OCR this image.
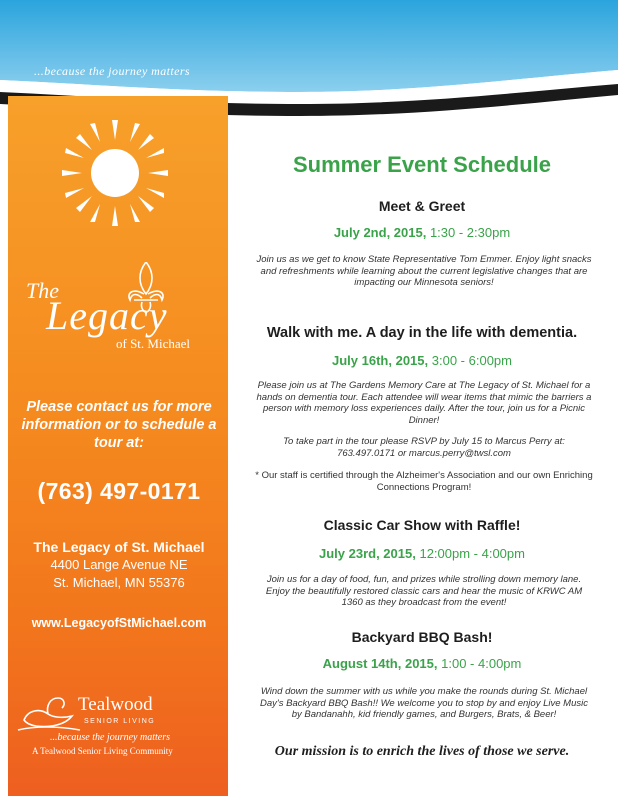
...because the journey matters
The
Legacy
of St. Michael
Please contact us for more information or to schedule a tour at:
(763) 497-0171
The Legacy of St. Michael
4400 Lange Avenue NE
St. Michael, MN 55376
www.LegacyofStMichael.com
Tealwood
SENIOR LIVING
...because the journey matters
A Tealwood Senior Living Community
Summer Event Schedule
Meet & Greet
July 2nd, 2015, 1:30 - 2:30pm
Join us as we get to know State Representative Tom Emmer. Enjoy light snacks and refreshments while learning about the current legislative changes that are impacting our Minnesota seniors!
Walk with me. A day in the life with dementia.
July 16th, 2015, 3:00 - 6:00pm
Please join us at The Gardens Memory Care at The Legacy of St. Michael for a hands on dementia tour. Each attendee will wear items that mimic the barriers a person with memory loss experiences daily. After the tour, join us for a Picnic Dinner!
To take part in the tour please RSVP by July 15 to Marcus Perry at: 763.497.0171 or marcus.perry@twsl.com
* Our staff is certified through the Alzheimer's Association and our own Enriching Connections Program!
Classic Car Show with Raffle!
July 23rd, 2015, 12:00pm - 4:00pm
Join us for a day of food, fun, and prizes while strolling down memory lane. Enjoy the beautifully restored classic cars and hear the music of KRWC AM 1360 as they broadcast from the event!
Backyard BBQ Bash!
August 14th, 2015, 1:00 - 4:00pm
Wind down the summer with us while you make the rounds during St. Michael Day's Backyard BBQ Bash!! We welcome you to stop by and enjoy Live Music by Bandanahh, kid friendly games, and Burgers, Brats, & Beer!
Our mission is to enrich the lives of those we serve.
